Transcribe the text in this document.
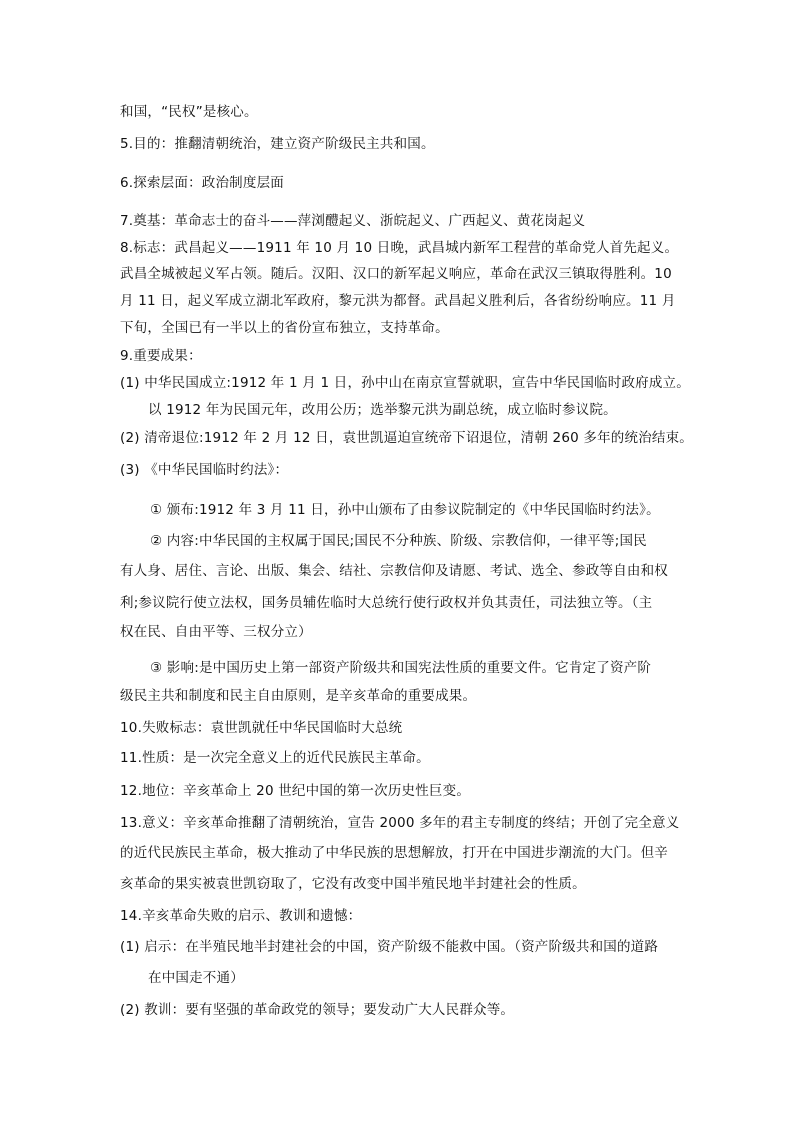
和国，“民权”是核心。
5.目的：推翻清朝统治，建立资产阶级民主共和国。
6.探索层面：政治制度层面
7.奠基：革命志士的奋斗——萍浏醴起义、浙皖起义、广西起义、黄花岗起义
8.标志：武昌起义——1911 年 10 月 10 日晚，武昌城内新军工程营的革命党人首先起义。
武昌全城被起义军占领。随后。汉阳、汉口的新军起义响应，革命在武汉三镇取得胜利。10
月 11 日，起义军成立湖北军政府，黎元洪为都督。武昌起义胜利后，各省纷纷响应。11 月
下旬，全国已有一半以上的省份宣布独立，支持革命。
9.重要成果：
(1) 中华民国成立:1912 年 1 月 1 日，孙中山在南京宣誓就职，宣告中华民国临时政府成立。
以 1912 年为民国元年，改用公历；选举黎元洪为副总统，成立临时参议院。
(2) 清帝退位:1912 年 2 月 12 日，袁世凯逼迫宣统帝下诏退位，清朝 260 多年的统治结束。
(3) 《中华民国临时约法》：
① 颁布:1912 年 3 月 11 日，孙中山颁布了由参议院制定的《中华民国临时约法》。
② 内容:中华民国的主权属于国民;国民不分种族、阶级、宗教信仰，一律平等;国民
有人身、居住、言论、出版、集会、结社、宗教信仰及请愿、考试、选全、参政等自由和权
利;参议院行使立法权，国务员辅佐临时大总统行使行政权并负其责任，司法独立等。（主
权在民、自由平等、三权分立）
③ 影响:是中国历史上第一部资产阶级共和国宪法性质的重要文件。它肯定了资产阶
级民主共和制度和民主自由原则，是辛亥革命的重要成果。
10.失败标志：袁世凯就任中华民国临时大总统
11.性质：是一次完全意义上的近代民族民主革命。
12.地位：辛亥革命上 20 世纪中国的第一次历史性巨变。
13.意义：辛亥革命推翻了清朝统治，宣告 2000 多年的君主专制度的终结；开创了完全意义
的近代民族民主革命，极大推动了中华民族的思想解放，打开在中国进步潮流的大门。但辛
亥革命的果实被袁世凯窃取了，它没有改变中国半殖民地半封建社会的性质。
14.辛亥革命失败的启示、教训和遗憾：
(1) 启示：在半殖民地半封建社会的中国，资产阶级不能救中国。（资产阶级共和国的道路
在中国走不通）
(2) 教训：要有坚强的革命政党的领导；要发动广大人民群众等。
